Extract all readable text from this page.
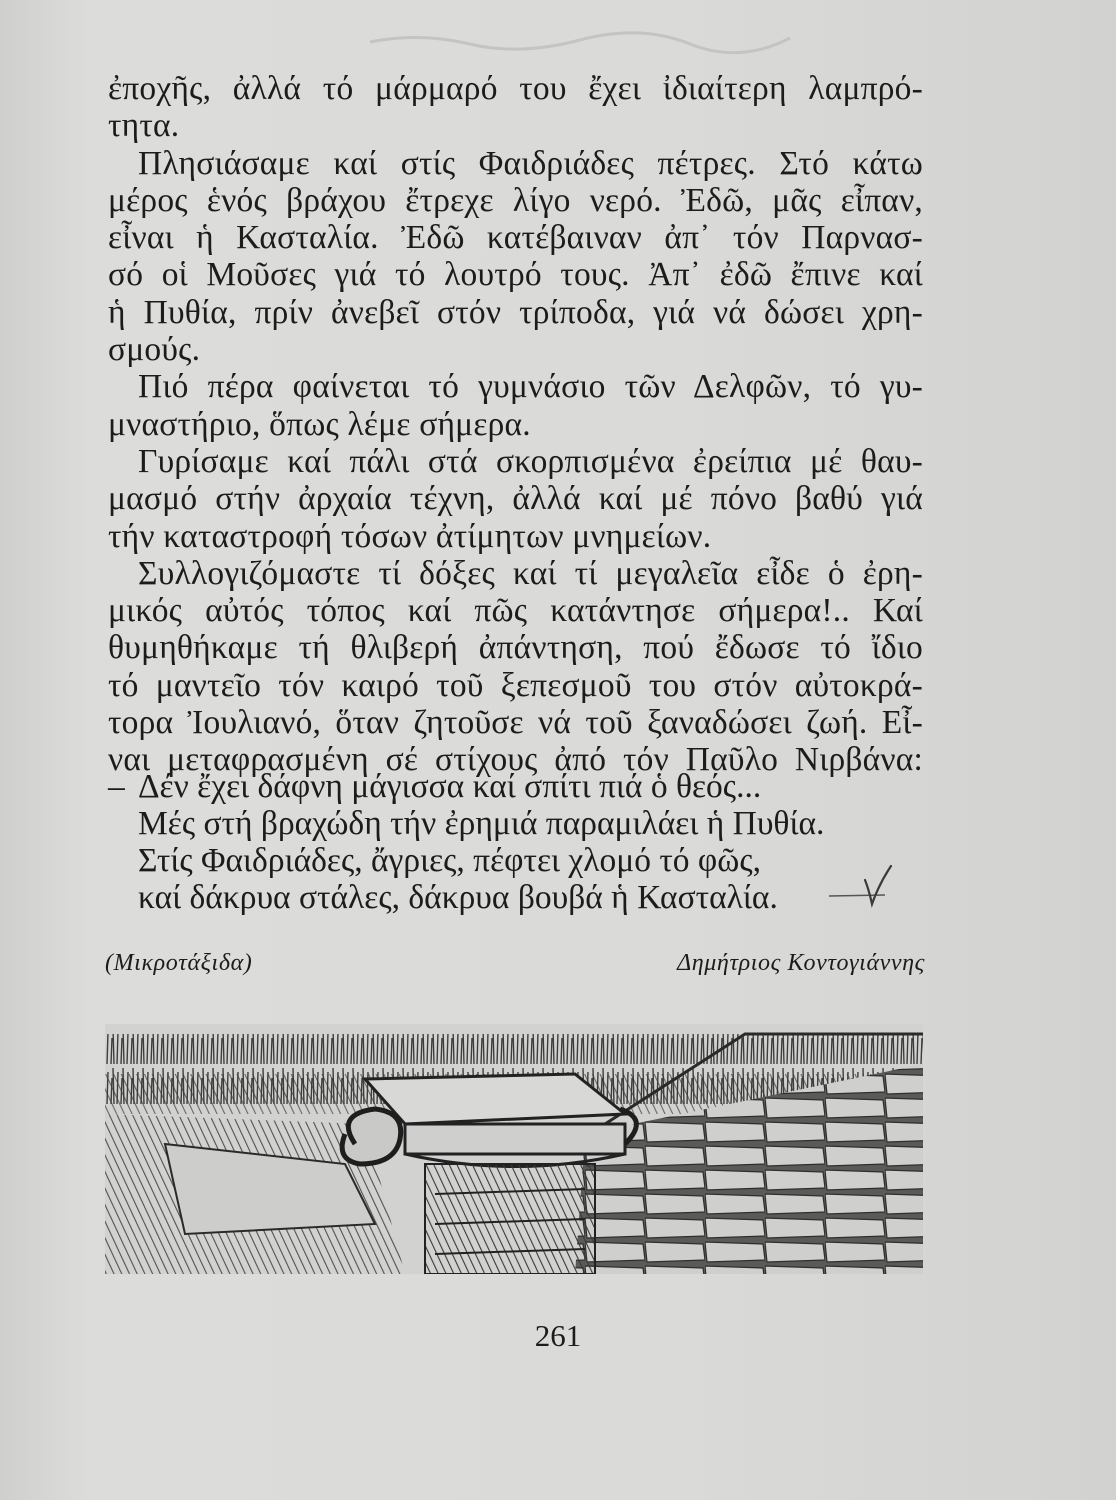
ἐποχῆς, ἀλλά τό μάρμαρό του ἔχει ἰδιαίτερη λαμπρό-
τητα.
Πλησιάσαμε καί στίς Φαιδριάδες πέτρες. Στό κάτω
μέρος ἑνός βράχου ἔτρεχε λίγο νερό. Ἐδῶ, μᾶς εἶπαν,
εἶναι ἡ Κασταλία. Ἐδῶ κατέβαιναν ἀπ᾽ τόν Παρνασ-
σό οἱ Μοῦσες γιά τό λουτρό τους. Ἀπ᾽ ἐδῶ ἔπινε καί
ἡ Πυθία, πρίν ἀνεβεῖ στόν τρίποδα, γιά νά δώσει χρη-
σμούς.
Πιό πέρα φαίνεται τό γυμνάσιο τῶν Δελφῶν, τό γυ-
μναστήριο, ὅπως λέμε σήμερα.
Γυρίσαμε καί πάλι στά σκορπισμένα ἐρείπια μέ θαυ-
μασμό στήν ἀρχαία τέχνη, ἀλλά καί μέ πόνο βαθύ γιά
τήν καταστροφή τόσων ἀτίμητων μνημείων.
Συλλογιζόμαστε τί δόξες καί τί μεγαλεῖα εἶδε ὁ ἐρη-
μικός αὐτός τόπος καί πῶς κατάντησε σήμερα!.. Καί
θυμηθήκαμε τή θλιβερή ἀπάντηση, πού ἔδωσε τό ἴδιο
τό μαντεῖο τόν καιρό τοῦ ξεπεσμοῦ του στόν αὐτοκρά-
τορα Ἰουλιανό, ὅταν ζητοῦσε νά τοῦ ξαναδώσει ζωή. Εἶ-
ναι μεταφρασμένη σέ στίχους ἀπό τόν Παῦλο Νιρβάνα:
– Δέν ἔχει δάφνη μάγισσα καί σπίτι πιά ὁ θεός...
Μές στή βραχώδη τήν ἐρημιά παραμιλάει ἡ Πυθία.
Στίς Φαιδριάδες, ἄγριες, πέφτει χλομό τό φῶς,
καί δάκρυα στάλες, δάκρυα βουβά ἡ Κασταλία.
(Μικροτάξιδα)	Δημήτριος Κοντογιάννης
261
